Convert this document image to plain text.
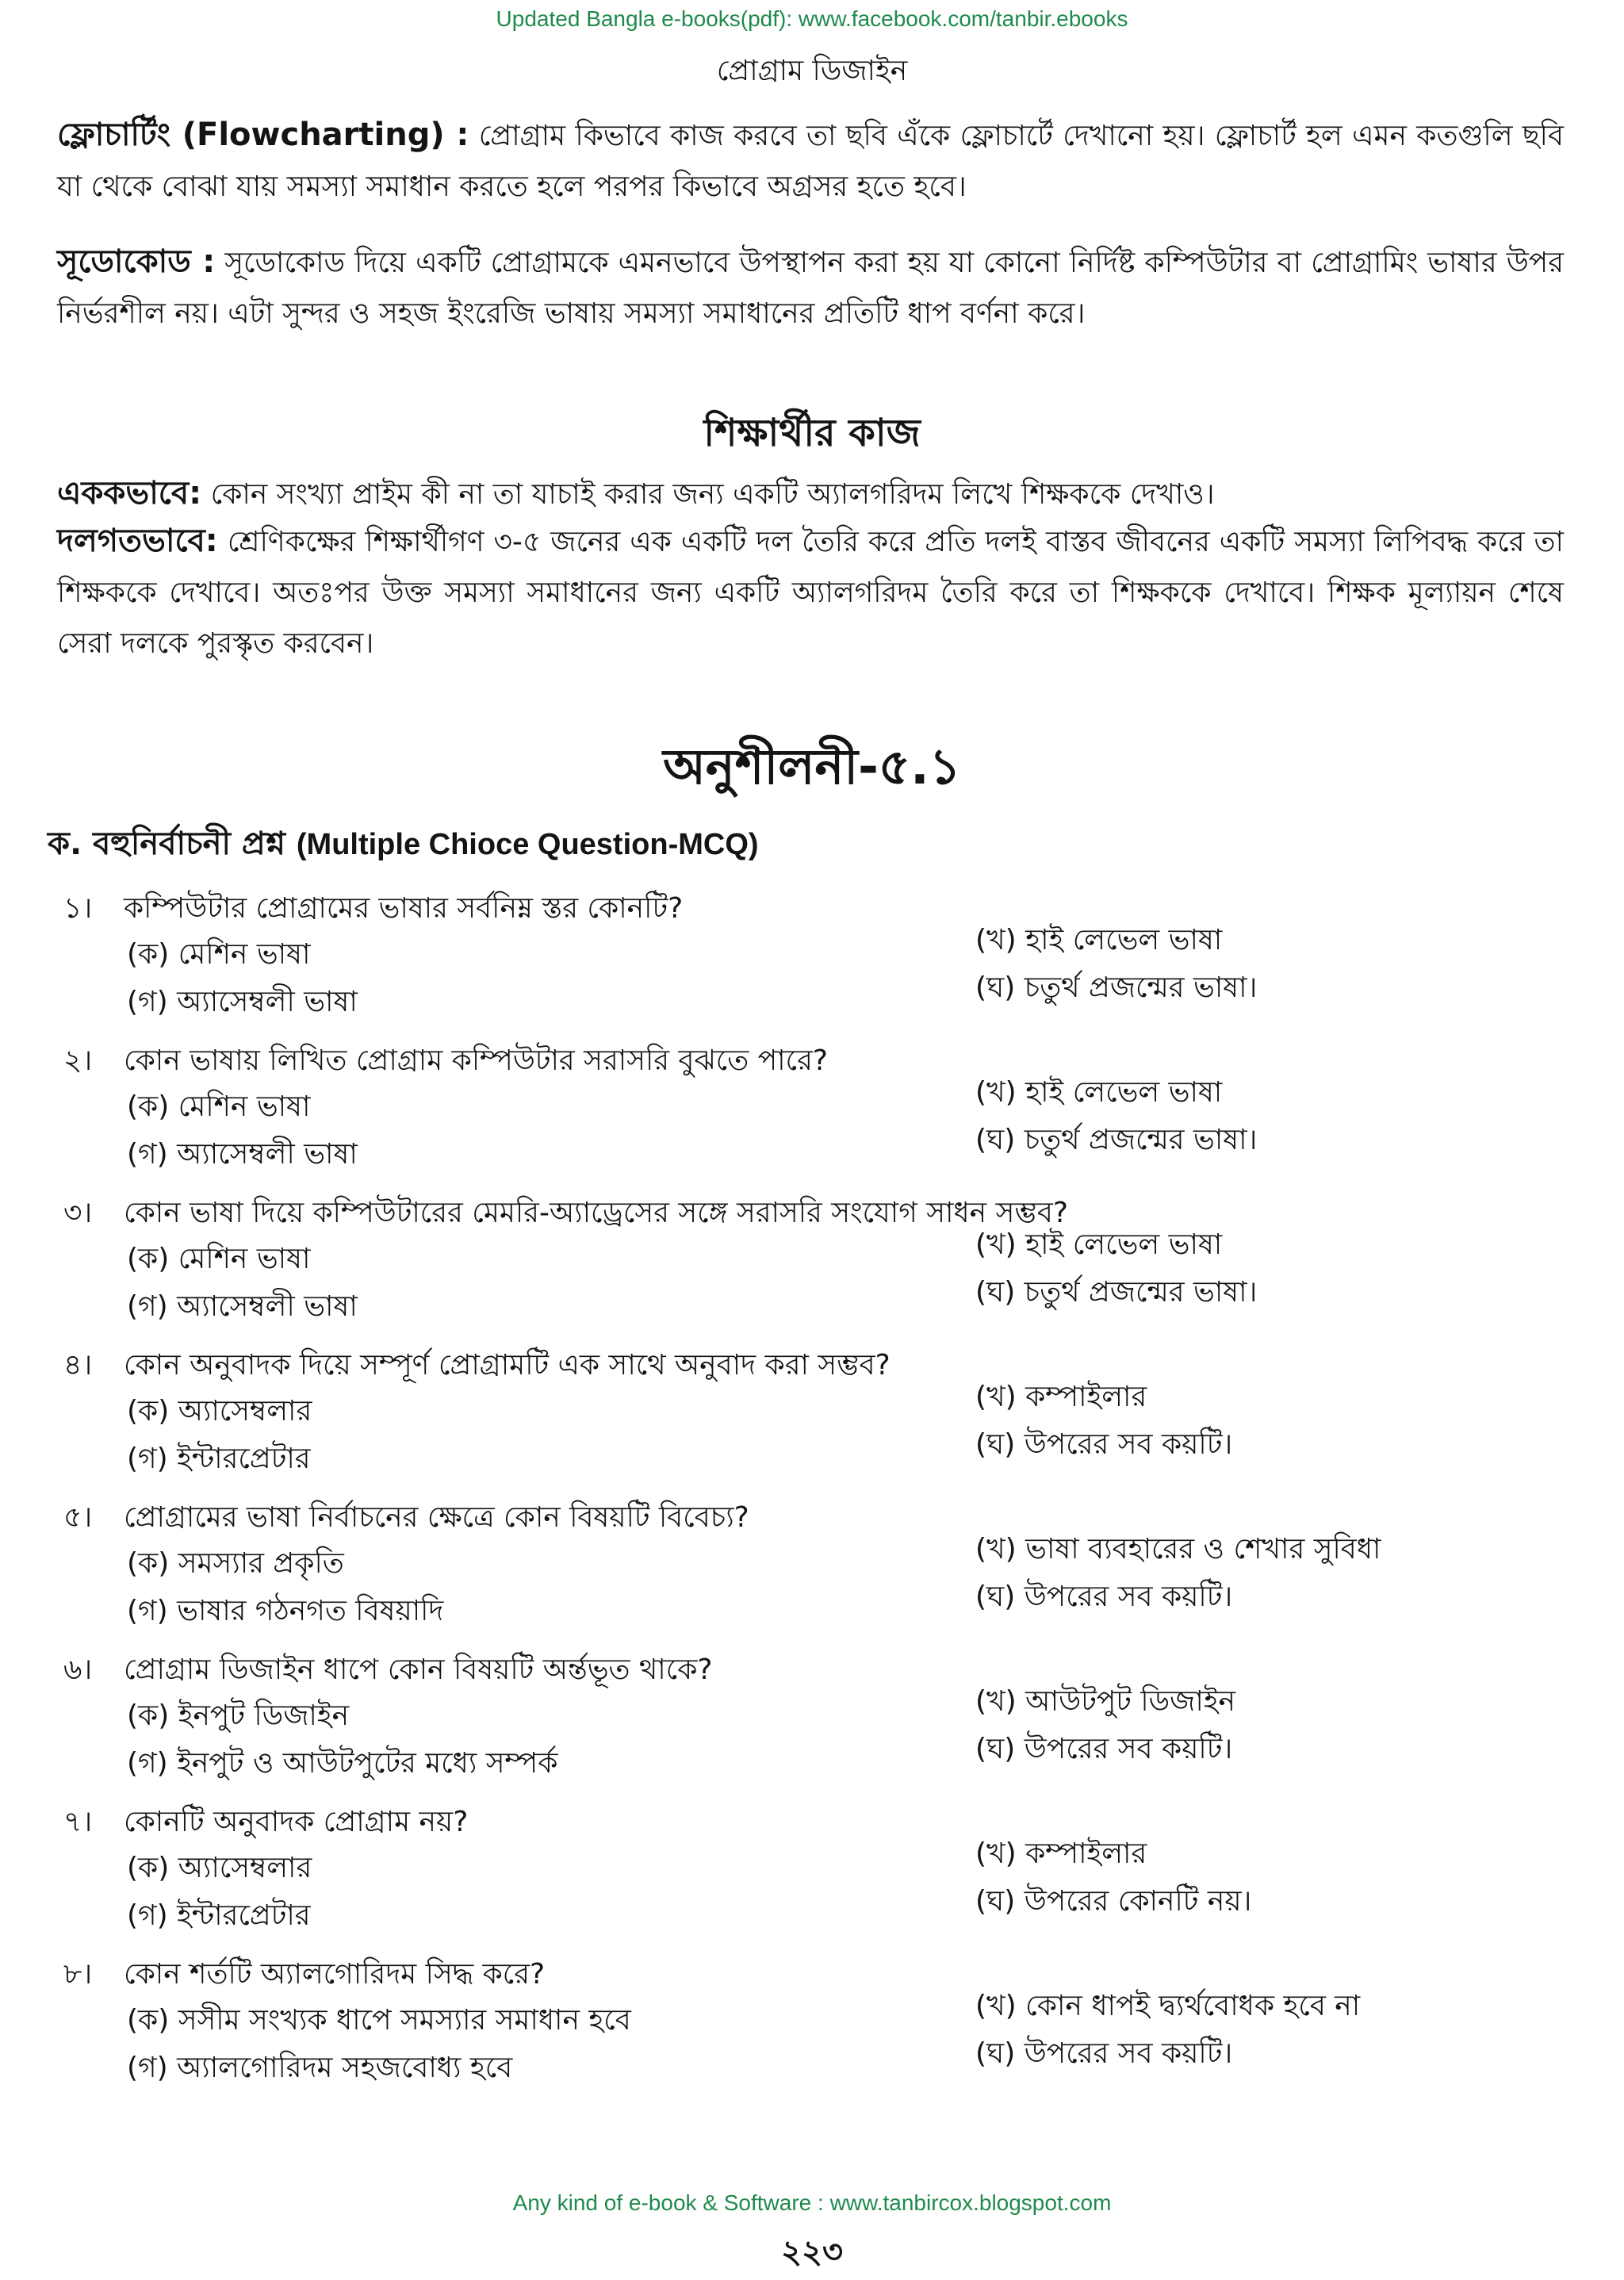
Updated Bangla e-books(pdf): www.facebook.com/tanbir.ebooks
প্রোগ্রাম ডিজাইন
ফ্লোচার্টিং (Flowcharting) : প্রোগ্রাম কিভাবে কাজ করবে তা ছবি এঁকে ফ্লোচার্টে দেখানো হয়। ফ্লোচার্ট হল এমন কতগুলি ছবি যা থেকে বোঝা যায় সমস্যা সমাধান করতে হলে পরপর কিভাবে অগ্রসর হতে হবে।
সূডোকোড : সূডোকোড দিয়ে একটি প্রোগ্রামকে এমনভাবে উপস্থাপন করা হয় যা কোনো নির্দিষ্ট কম্পিউটার বা প্রোগ্রামিং ভাষার উপর নির্ভরশীল নয়। এটা সুন্দর ও সহজ ইংরেজি ভাষায় সমস্যা সমাধানের প্রতিটি ধাপ বর্ণনা করে।
শিক্ষার্থীর কাজ
এককভাবে: কোন সংখ্যা প্রাইম কী না তা যাচাই করার জন্য একটি অ্যালগরিদম লিখে শিক্ষককে দেখাও।
দলগতভাবে: শ্রেণিকক্ষের শিক্ষার্থীগণ ৩-৫ জনের এক একটি দল তৈরি করে প্রতি দলই বাস্তব জীবনের একটি সমস্যা লিপিবদ্ধ করে তা শিক্ষককে দেখাবে। অতঃপর উক্ত সমস্যা সমাধানের জন্য একটি অ্যালগরিদম তৈরি করে তা শিক্ষককে দেখাবে। শিক্ষক মূল্যায়ন শেষে সেরা দলকে পুরস্কৃত করবেন।
অনুশীলনী-৫.১
ক. বহুনির্বাচনী প্রশ্ন (Multiple Chioce Question-MCQ)
১। কম্পিউটার প্রোগ্রামের ভাষার সর্বনিম্ন স্তর কোনটি?
(ক) মেশিন ভাষা	(খ) হাই লেভেল ভাষা
(গ) অ্যাসেম্বলী ভাষা	(ঘ) চতুর্থ প্রজন্মের ভাষা।
২। কোন ভাষায় লিখিত প্রোগ্রাম কম্পিউটার সরাসরি বুঝতে পারে?
(ক) মেশিন ভাষা	(খ) হাই লেভেল ভাষা
(গ) অ্যাসেম্বলী ভাষা	(ঘ) চতুর্থ প্রজন্মের ভাষা।
৩। কোন ভাষা দিয়ে কম্পিউটারের মেমরি-অ্যাড্রেসের সঙ্গে সরাসরি সংযোগ সাধন সম্ভব?
(ক) মেশিন ভাষা	(খ) হাই লেভেল ভাষা
(গ) অ্যাসেম্বলী ভাষা	(ঘ) চতুর্থ প্রজন্মের ভাষা।
৪। কোন অনুবাদক দিয়ে সম্পূর্ণ প্রোগ্রামটি এক সাথে অনুবাদ করা সম্ভব?
(ক) অ্যাসেম্বলার	(খ) কম্পাইলার
(গ) ইন্টারপ্রেটার	(ঘ) উপরের সব কয়টি।
৫। প্রোগ্রামের ভাষা নির্বাচনের ক্ষেত্রে কোন বিষয়টি বিবেচ্য?
(ক) সমস্যার প্রকৃতি	(খ) ভাষা ব্যবহারের ও শেখার সুবিধা
(গ) ভাষার গঠনগত বিষয়াদি	(ঘ) উপরের সব কয়টি।
৬। প্রোগ্রাম ডিজাইন ধাপে কোন বিষয়টি অর্ন্তভূত থাকে?
(ক) ইনপুট ডিজাইন	(খ) আউটপুট ডিজাইন
(গ) ইনপুট ও আউটপুটের মধ্যে সম্পর্ক	(ঘ) উপরের সব কয়টি।
৭। কোনটি অনুবাদক প্রোগ্রাম নয়?
(ক) অ্যাসেম্বলার	(খ) কম্পাইলার
(গ) ইন্টারপ্রেটার	(ঘ) উপরের কোনটি নয়।
৮। কোন শর্তটি অ্যালগোরিদম সিদ্ধ করে?
(ক) সসীম সংখ্যক ধাপে সমস্যার সমাধান হবে	(খ) কোন ধাপই দ্ব্যর্থবোধক হবে না
(গ) অ্যালগোরিদম সহজবোধ্য হবে	(ঘ) উপরের সব কয়টি।
Any kind of e-book & Software : www.tanbircox.blogspot.com
২২৩
